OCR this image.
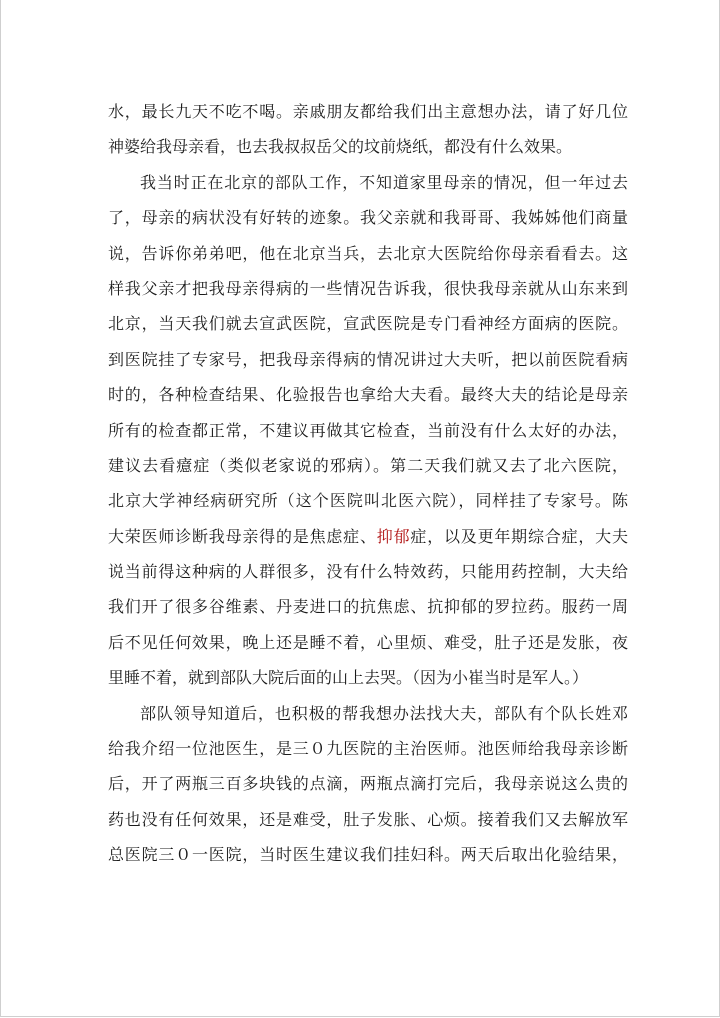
水，最长九天不吃不喝。亲戚朋友都给我们出主意想办法，请了好几位
神婆给我母亲看，也去我叔叔岳父的坟前烧纸，都没有什么效果。
我当时正在北京的部队工作，不知道家里母亲的情况，但一年过去
了，母亲的病状没有好转的迹象。我父亲就和我哥哥、我姊姊他们商量
说，告诉你弟弟吧，他在北京当兵，去北京大医院给你母亲看看去。这
样我父亲才把我母亲得病的一些情况告诉我，很快我母亲就从山东来到
北京，当天我们就去宣武医院，宣武医院是专门看神经方面病的医院。
到医院挂了专家号，把我母亲得病的情况讲过大夫听，把以前医院看病
时的，各种检查结果、化验报告也拿给大夫看。最终大夫的结论是母亲
所有的检查都正常，不建议再做其它检查，当前没有什么太好的办法，
建议去看癔症（类似老家说的邪病）。第二天我们就又去了北六医院，
北京大学神经病研究所（这个医院叫北医六院），同样挂了专家号。陈
大荣医师诊断我母亲得的是焦虑症、抑郁症，以及更年期综合症，大夫
说当前得这种病的人群很多，没有什么特效药，只能用药控制，大夫给
我们开了很多谷维素、丹麦进口的抗焦虑、抗抑郁的罗拉药。服药一周
后不见任何效果，晚上还是睡不着，心里烦、难受，肚子还是发胀，夜
里睡不着，就到部队大院后面的山上去哭。（因为小崔当时是军人。）
部队领导知道后，也积极的帮我想办法找大夫，部队有个队长姓邓
给我介绍一位池医生，是三０九医院的主治医师。池医师给我母亲诊断
后，开了两瓶三百多块钱的点滴，两瓶点滴打完后，我母亲说这么贵的
药也没有任何效果，还是难受，肚子发胀、心烦。接着我们又去解放军
总医院三０一医院，当时医生建议我们挂妇科。两天后取出化验结果，
